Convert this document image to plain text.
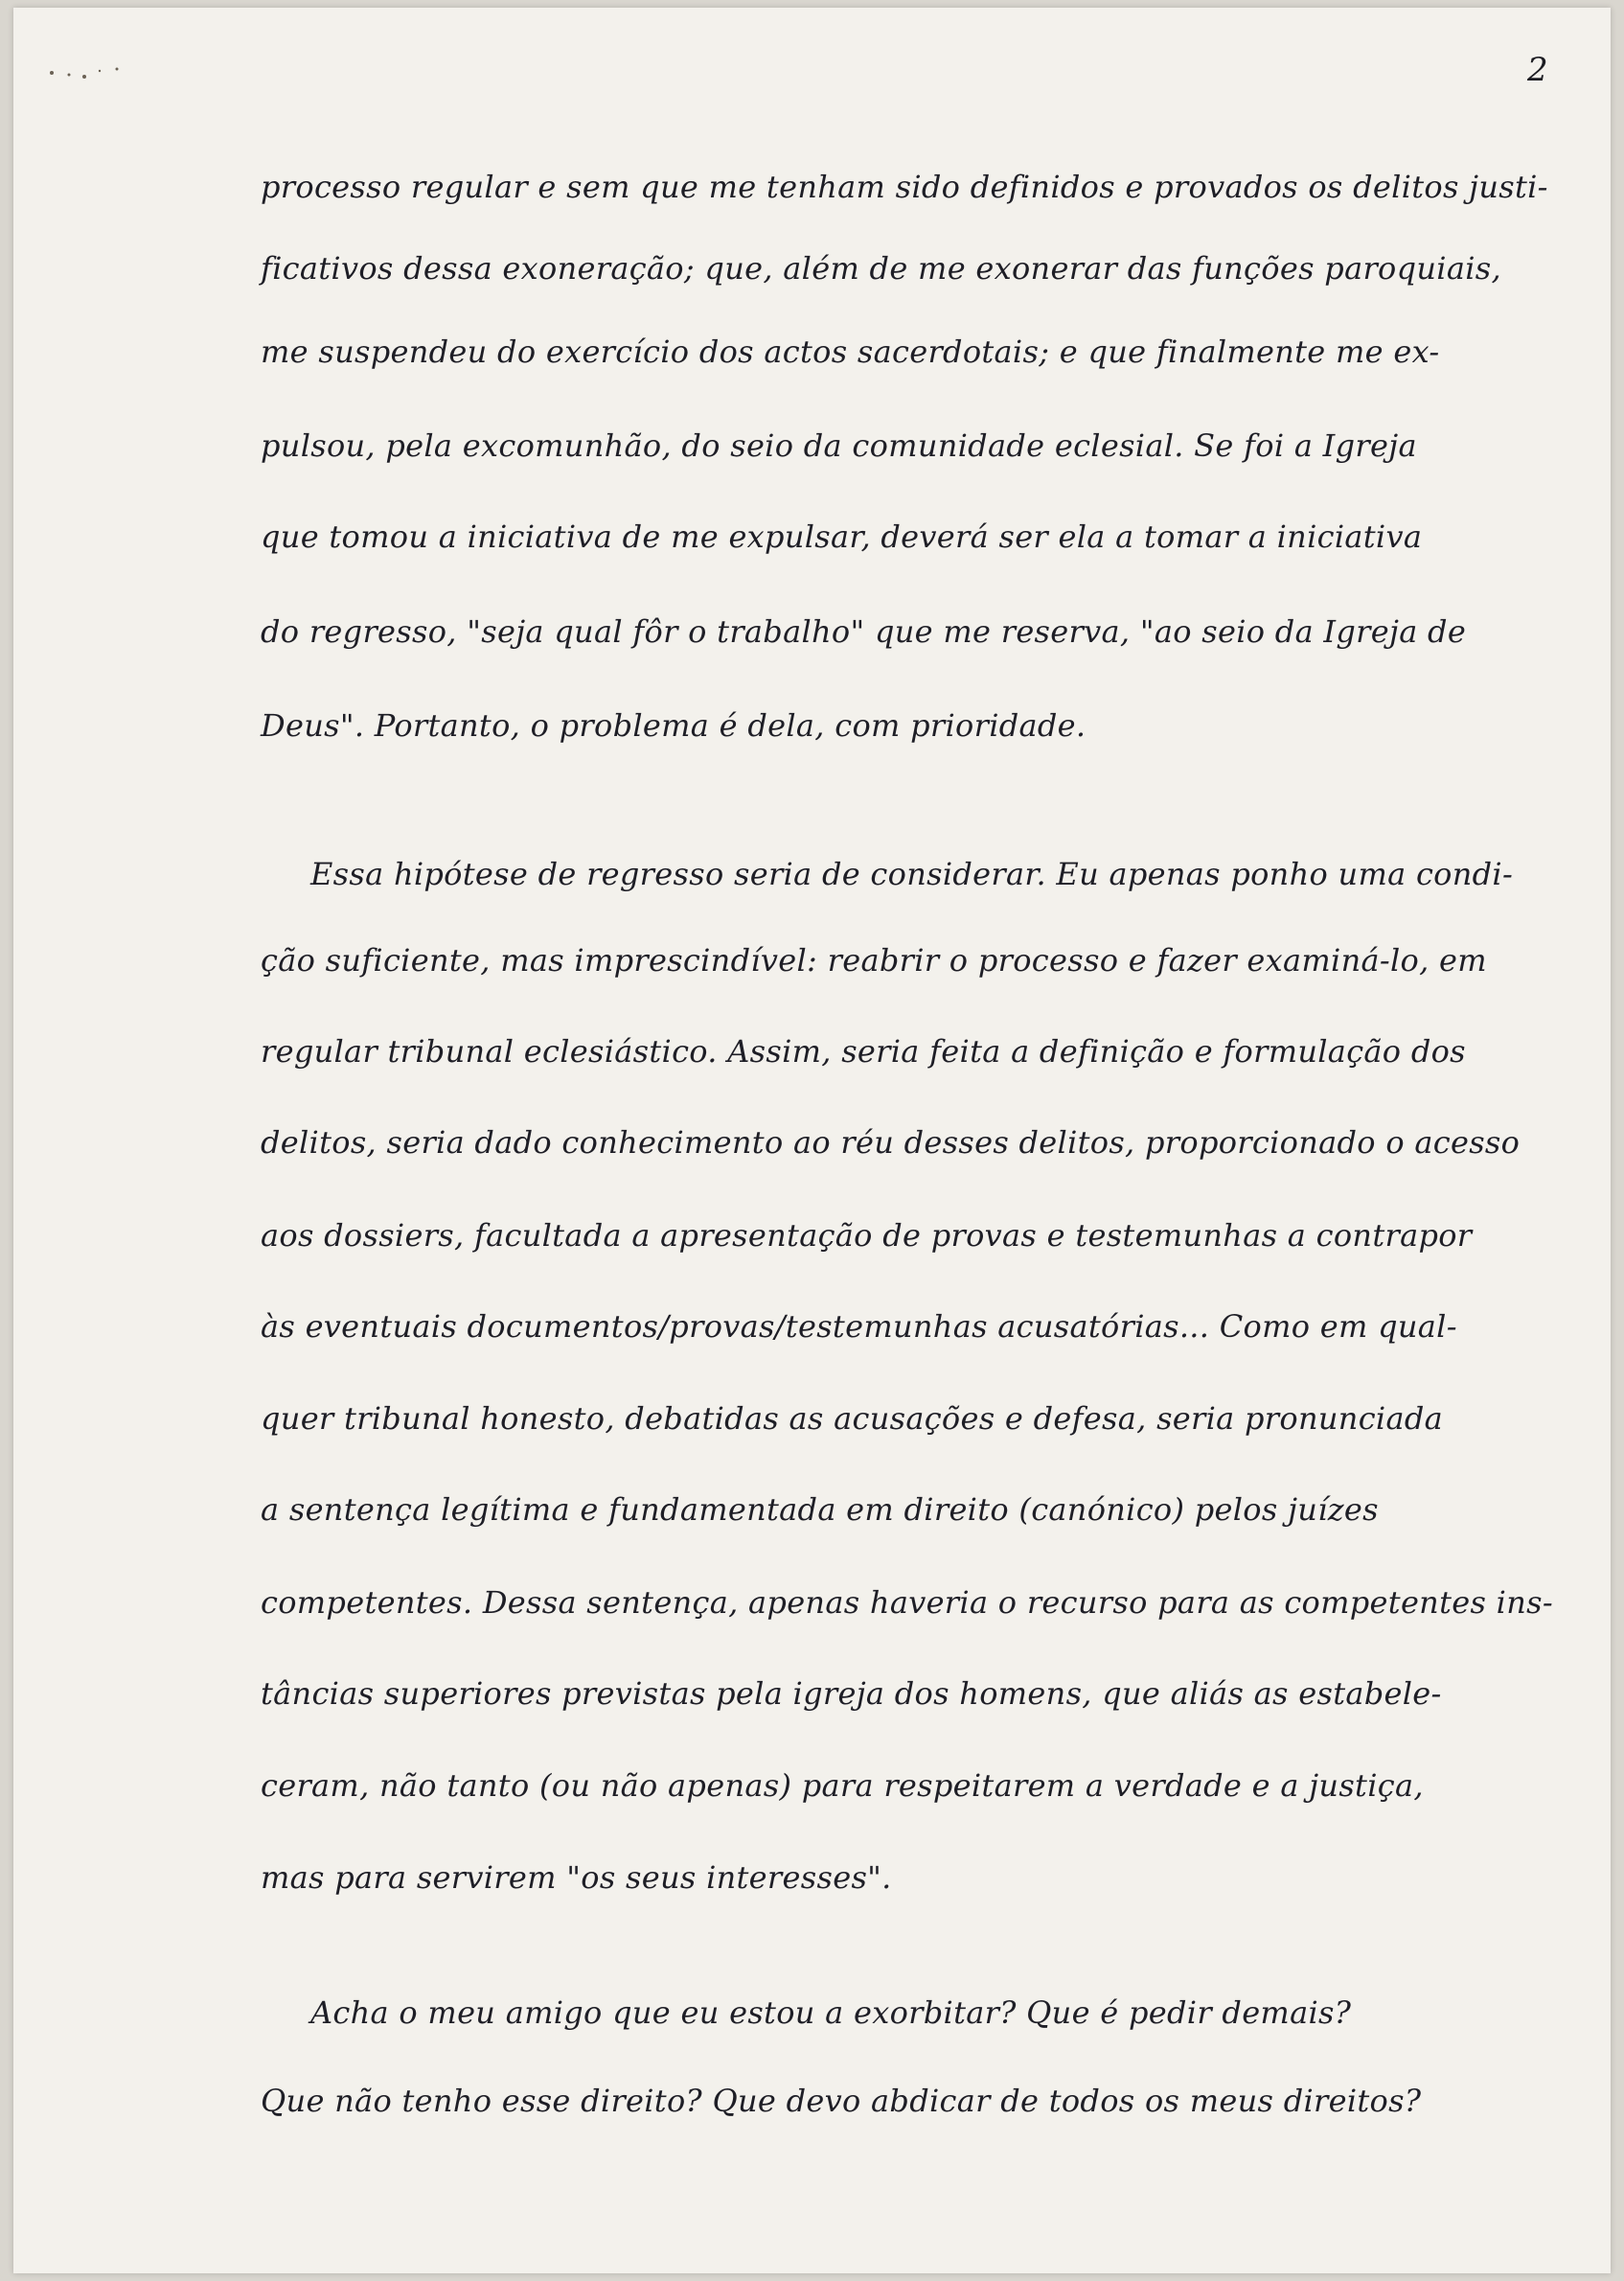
2
processo regular e sem que me tenham sido definidos e provados os delitos justi-
ficativos dessa exoneração; que, além de me exonerar das funções paroquiais,
me suspendeu do exercício dos actos sacerdotais; e que finalmente me ex-
pulsou, pela excomunhão, do seio da comunidade eclesial. Se foi a Igreja
que tomou a iniciativa de me expulsar, deverá ser ela a tomar a iniciativa
do regresso, "seja qual fôr o trabalho" que me reserva, "ao seio da Igreja de
Deus". Portanto, o problema é dela, com prioridade.
Essa hipótese de regresso seria de considerar. Eu apenas ponho uma condi-
ção suficiente, mas imprescindível: reabrir o processo e fazer examiná-lo, em
regular tribunal eclesiástico. Assim, seria feita a definição e formulação dos
delitos, seria dado conhecimento ao réu desses delitos, proporcionado o acesso
aos dossiers, facultada a apresentação de provas e testemunhas a contrapor
às eventuais documentos/provas/testemunhas acusatórias... Como em qual-
quer tribunal honesto, debatidas as acusações e defesa, seria pronunciada
a sentença legítima e fundamentada em direito (canónico) pelos juízes
competentes. Dessa sentença, apenas haveria o recurso para as competentes ins-
tâncias superiores previstas pela igreja dos homens, que aliás as estabele-
ceram, não tanto (ou não apenas) para respeitarem a verdade e a justiça,
mas para servirem "os seus interesses".
Acha o meu amigo que eu estou a exorbitar? Que é pedir demais?
Que não tenho esse direito? Que devo abdicar de todos os meus direitos?
